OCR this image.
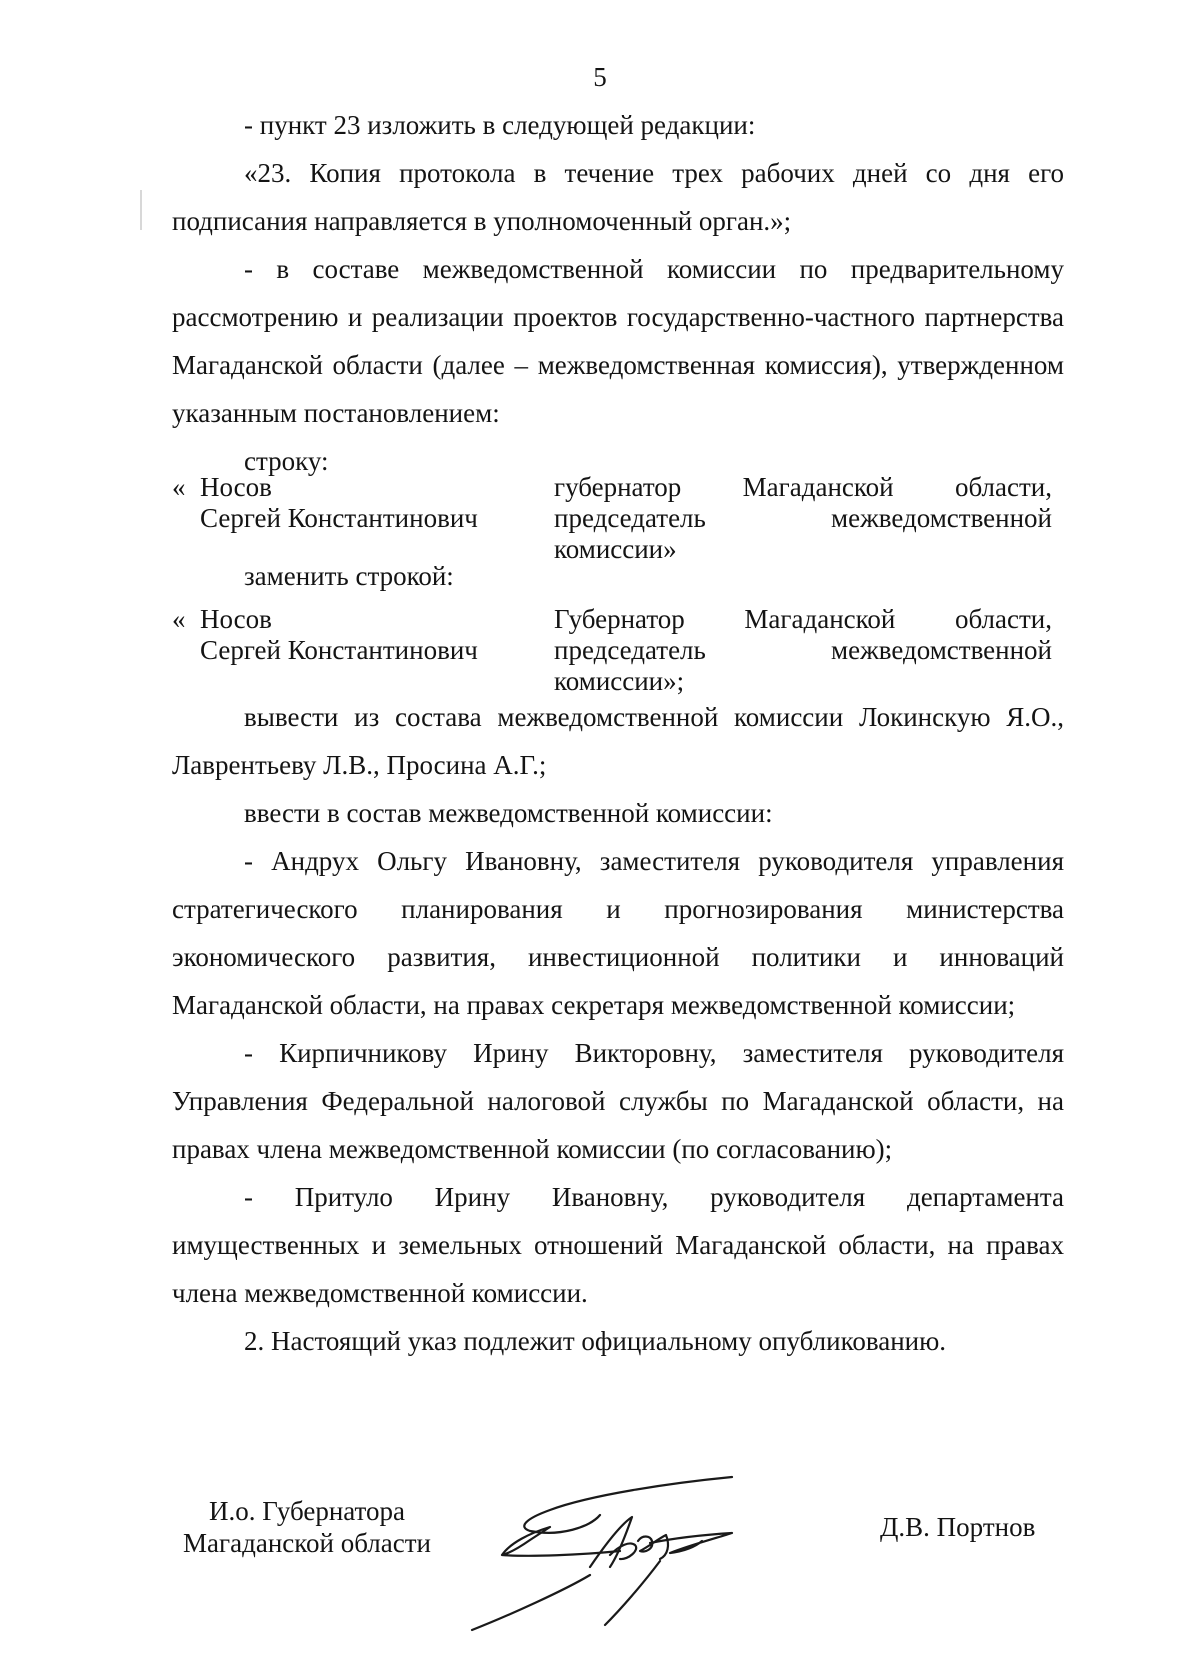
5

- пункт 23 изложить в следующей редакции:

«23. Копия протокола в течение трех рабочих дней со дня его подписания направляется в уполномоченный орган.»;

- в составе межведомственной комиссии по предварительному рассмотрению и реализации проектов государственно-частного партнерства Магаданской области (далее – межведомственная комиссия), утвержденном указанным постановлением:

строку:

« Носов
Сергей Константинович
губернатор Магаданской области,
председатель межведомственной
комиссии»

заменить строкой:

« Носов
Сергей Константинович
Губернатор Магаданской области,
председатель межведомственной
комиссии»;

вывести из состава межведомственной комиссии Локинскую Я.О., Лаврентьеву Л.В., Просина А.Г.;

ввести в состав межведомственной комиссии:

- Андрух Ольгу Ивановну, заместителя руководителя управления стратегического планирования и прогнозирования министерства экономического развития, инвестиционной политики и инноваций Магаданской области, на правах секретаря межведомственной комиссии;

- Кирпичникову Ирину Викторовну, заместителя руководителя Управления Федеральной налоговой службы по Магаданской области, на правах члена межведомственной комиссии (по согласованию);

- Притуло Ирину Ивановну, руководителя департамента имущественных и земельных отношений Магаданской области, на правах члена межведомственной комиссии.

2. Настоящий указ подлежит официальному опубликованию.

И.о. Губернатора
Магаданской области
Д.В. Портнов
